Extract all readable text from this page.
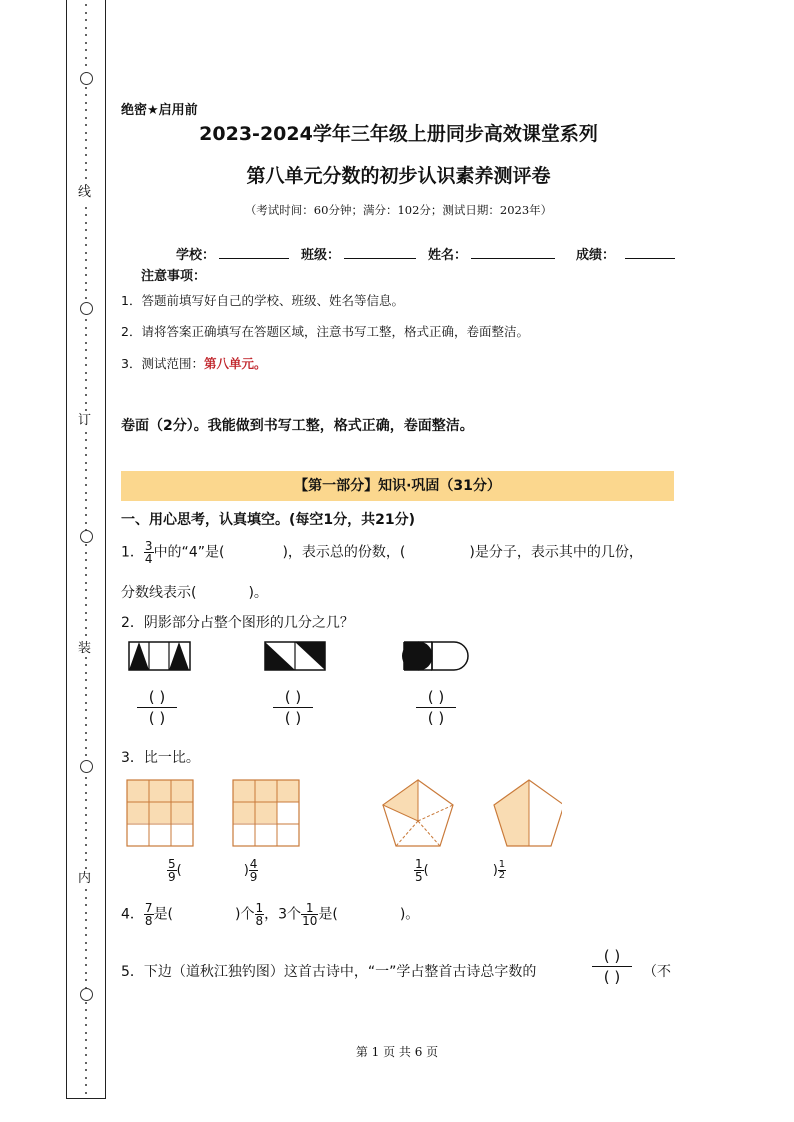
线
订
装
内
绝密★启用前
2023-2024学年三年级上册同步高效课堂系列
第八单元分数的初步认识素养测评卷
（考试时间：60分钟；满分：102分；测试日期：2023年）
学校：	班级：	姓名：	成绩：
注意事项：
1．答题前填写好自己的学校、班级、姓名等信息。
2．请将答案正确填写在答题区域，注意书写工整，格式正确，卷面整洁。
3．测试范围：第八单元。
卷面（2分）。我能做到书写工整，格式正确，卷面整洁。
【第一部分】知识·巩固（31分）
一、用心思考，认真填空。(每空1分，共21分)
1． $\frac{3}{4}$ 中的“4”是(	)，表示总的份数，(	)是分子，表示其中的几份，
分数线表示(	)。
2．阴影部分占整个图形的几分之几？
( )
( )
( )
( )
( )
( )
3．比一比。
$\frac{5}{9}$ (	) $\frac{4}{9}$	$\frac{1}{5}$ (	) $\frac{1}{2}$
4． $\frac{7}{8}$ 是(	)个 $\frac{1}{8}$ ，3个 $\frac{1}{10}$ 是(	)。
5．下边（道秋江独钓图）这首古诗中，“一”学占整首古诗总字数的
( )
( )	（不
第 1 页 共 6 页
